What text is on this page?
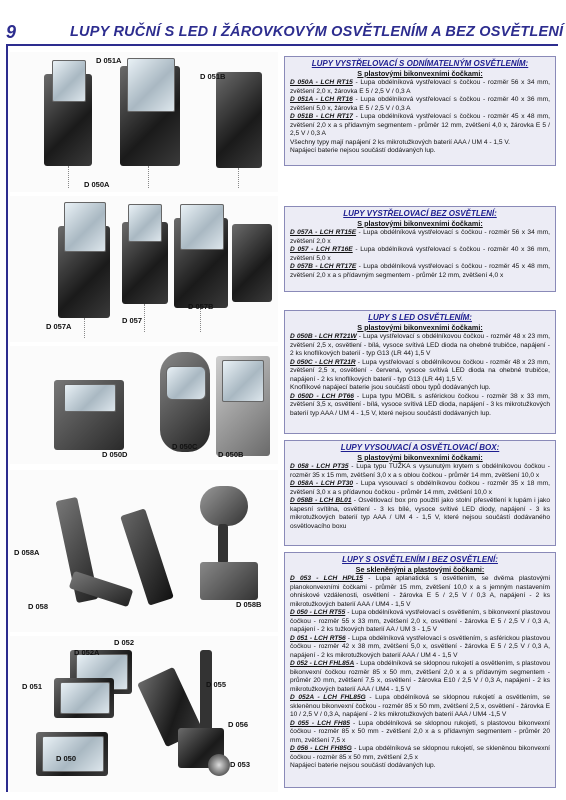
9	LUPY RUČNÍ S LED I ŽÁROVKOVÝM OSVĚTLENÍM A BEZ OSVĚTLENÍ
D 051A
D 051B
D 050A
D 057A
D 057
D 057B
D 050C
D 050D	D 050B
D 058A
D 058	D 058B
D 052
D 052A
D 051	D 055
D 056
D 050
D 053
LUPY VYSTŘELOVACÍ S ODNÍMATELNÝM OSVĚTLENÍM:
S plastovými bikonvexními čočkami:

D 050A - LCH RT15 - Lupa obdélníková vystřelovací s čočkou - rozměr 56 x 34 mm, zvětšení 2,0 x, žárovka E 5 / 2,5 V / 0,3 A

D 051A - LCH RT16 - Lupa obdélníková vystřelovací s čočkou - rozměr 40 x 36 mm, zvětšení 5,0 x, žárovka E 5 / 2,5 V / 0,3 A

D 051B - LCH RT17 - Lupa obdélníková vystřelovací s čočkou - rozměr 45 x 48 mm, zvětšení 2,0 x a s přídavným segmentem - průměr 12 mm, zvětšení 4,0 x, žárovka E 5 / 2,5 V / 0,3 A

Všechny typy mají napájení 2 ks mikrotužkových baterií AAA / UM 4 - 1,5 V.

Napájecí baterie nejsou součástí dodávaných lup.

LUPY VYSTŘELOVACÍ BEZ OSVĚTLENÍ:
S plastovými bikonvexními čočkami:

D 057A - LCH RT15E - Lupa obdélníková vystřelovací s čočkou - rozměr 56 x 34 mm, zvětšení 2,0 x

D 057 - LCH RT16E - Lupa obdélníková vystřelovací s čočkou - rozměr 40 x 36 mm, zvětšení 5,0 x

D 057B - LCH RT17E - Lupa obdélníková vystřelovací s čočkou - rozměr 45 x 48 mm, zvětšení 2,0 x a s přídavným segmentem - průměr 12 mm, zvětšení 4,0 x

LUPY S LED OSVĚTLENÍM:
S plastovými bikonvexními čočkami:

D 050B - LCH RT21W - Lupa vystřelovací s obdélníkovou čočkou - rozměr 48 x 23 mm, zvětšení 2,5 x, osvětlení - bílá, vysoce svítivá LED dioda na ohebné trubičce, napájení - 2 ks knoflíkových baterií - typ G13 (LR 44) 1,5 V

D 050C - LCH RT21R - Lupa vystřelovací s obdélníkovou čočkou - rozměr 48 x 23 mm, zvětšení 2,5 x, osvětlení - červená, vysoce svítivá LED dioda na ohebné trubičce, napájení - 2 ks knoflíkových baterií - typ G13 (LR 44) 1,5 V.

Knoflíkové napájecí baterie jsou součástí obou typů dodávaných lup.

D 050D - LCH PT66 - Lupa typu MOBIL s asférickou čočkou - rozměr 38 x 33 mm, zvětšení 3,5 x, osvětlení - bílá, vysoce svítivá LED dioda, napájení - 3 ks mikrotužkových baterií typ AAA / UM 4 - 1,5 V, které nejsou součástí dodávaných lup.

LUPY VYSOUVACÍ A OSVĚTLOVACÍ BOX:
S plastovými bikonvexními čočkami:

D 058 - LCH PT35 - Lupa typu TUŽKA s vysunutým krytem s obdélníkovou čočkou - rozměr 35 x 15 mm, zvětšení 3,0 x a s oblou čočkou - průměr 14 mm, zvětšení 10,0 x

D 058A - LCH PT30 - Lupa vysouvací s obdélníkovou čočkou - rozměr 35 x 18 mm, zvětšení 3,0 x a s přídavnou čočkou - průměr 14 mm, zvětšení 10,0 x

D 058B - LCH BL01 - Osvětlovací box pro použití jako stolní přesvětlení k lupám i jako kapesní svítilna, osvětlení - 3 ks bílé, vysoce svítivé LED diody, napájení - 3 ks mikrotužkových baterií typ AAA / UM 4 - 1,5 V, které nejsou součástí dodávaného osvětlovacího boxu

LUPY S OSVĚTLENÍM I BEZ OSVĚTLENÍ:
Se skleněnými a plastovými čočkami:

D 053 - LCH HPL15 - Lupa aplanatická s osvětlením, se dvěma plastovými planokonvexními čočkami - průměr 15 mm, zvětšení 10,0 x a s jemným nastavením ohniskové vzdálenosti, osvětlení - žárovka E 5 / 2,5 V / 0,3 A, napájení - 2 ks mikrotužkových baterií AAA / UM4 - 1,5 V

D 050 - LCH RT55 - Lupa obdélníková vystřelovací s osvětlením, s bikonvexní plastovou čočkou - rozměr 55 x 33 mm, zvětšení 2,0 x, osvětlení - žárovka E 5 / 2,5 V / 0,3 A, napájení - 2 ks tužkových baterií AA / UM 3 - 1,5 V

D 051 - LCH RT56 - Lupa obdélníková vystřelovací s osvětlením, s asférickou plastovou čočkou - rozměr 42 x 38 mm, zvětšení 5,0 x, osvětlení - žárovka E 5 / 2,5 V / 0,3 A, napájení - 2 ks mikrotužkových baterií AAA / UM 4 - 1,5 V

D 052 - LCH FHL85A - Lupa obdélníková se sklopnou rukojetí a osvětlením, s plastovou bikonvexní čočkou rozměr 85 x 50 mm, zvětšení 2,0 x a s přídavným segmentem - průměr 20 mm, zvětšení 7,5 x, osvětlení - žárovka E10 / 2,5 V / 0,3 A, napájení - 2 ks mikrotužkových baterií AAA / UM4 - 1,5 V

D 052A - LCH FHL85G - Lupa obdélníková se sklopnou rukojetí a osvětlením, se skleněnou bikonvexní čočkou - rozměr 85 x 50 mm, zvětšení 2,5 x, osvětlení - žárovka E 10 / 2,5 V / 0,3 A, napájení - 2 ks mikrotužkových baterií AAA / UM4 -1,5 V

D 055 - LCH FH85 - Lupa obdélníková se sklopnou rukojetí, s plastovou bikonvexní čočkou - rozměr 85 x 50 mm - zvětšení 2,0 x a s přídavným segmentem - průměr 20 mm, zvětšení 7,5 x

D 056 - LCH FH85G - Lupa obdélníková se sklopnou rukojetí, se skleněnou bikonvexní čočkou - rozměr 85 x 50 mm, zvětšení 2,5 x

Napájecí baterie nejsou součástí dodávaných lup.
